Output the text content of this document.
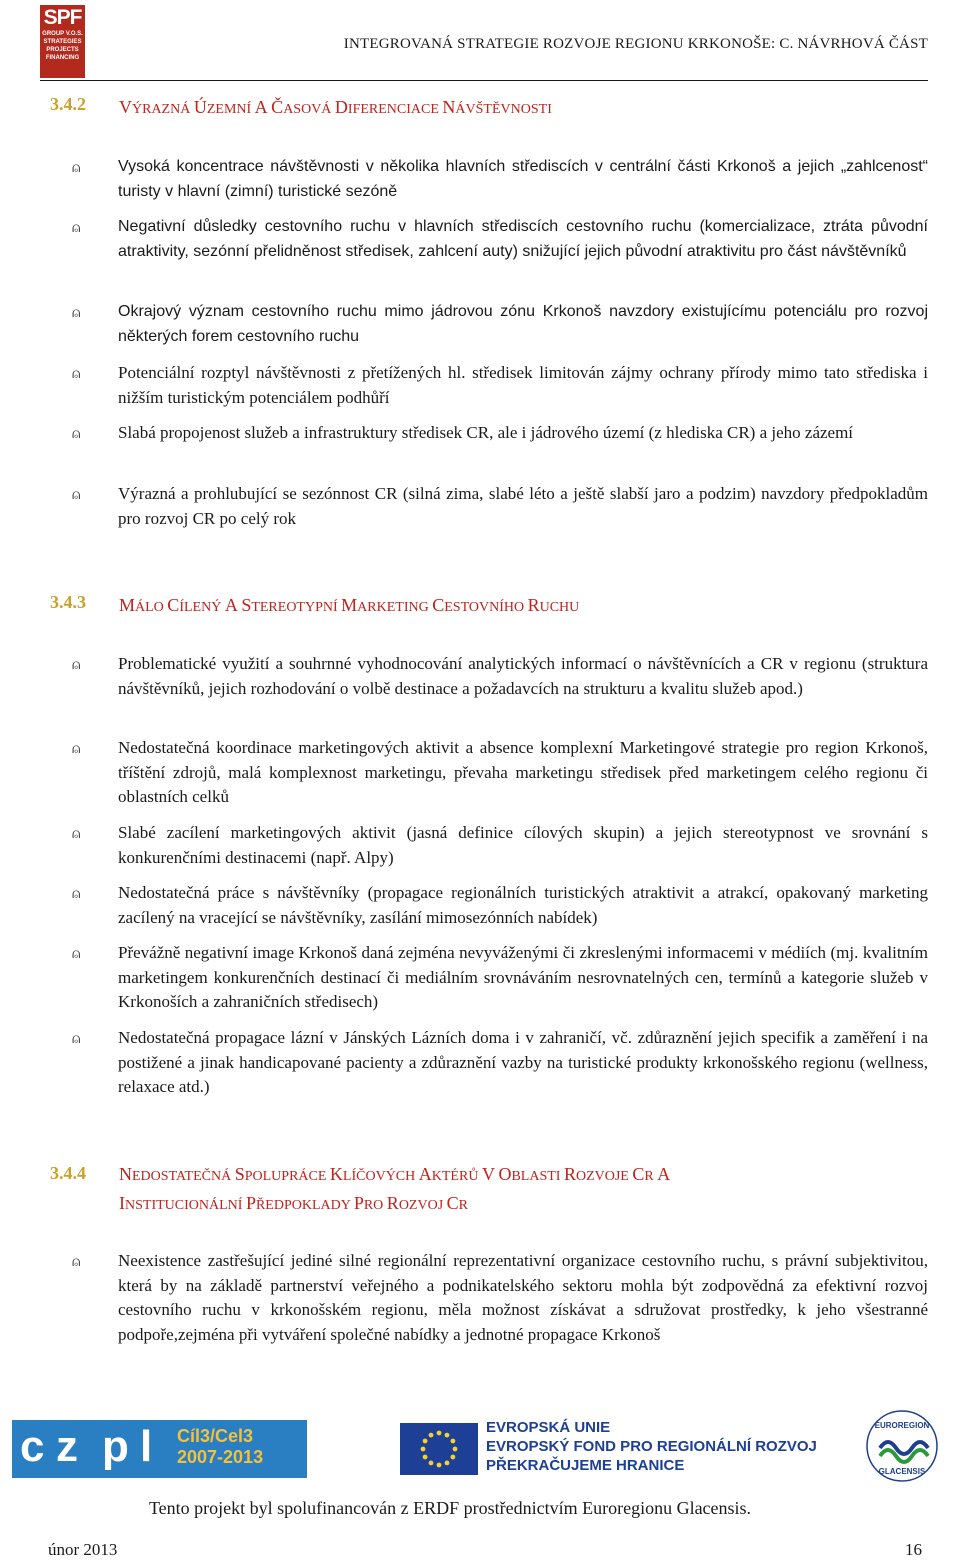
SPF
GROUP V.O.S.
STRATEGIES
PROJECTS
FINANCING
INTEGROVANÁ STRATEGIE ROZVOJE REGIONU KRKONOŠE: C. NÁVRHOVÁ ČÁST
3.4.2 VÝRAZNÁ ÚZEMNÍ A ČASOVÁ DIFERENCIACE NÁVŠTĚVNOSTI
⍝ Vysoká koncentrace návštěvnosti v několika hlavních střediscích v centrální části Krkonoš a jejich „zahlcenost“ turisty v hlavní (zimní) turistické sezóně

⍝ Negativní důsledky cestovního ruchu v hlavních střediscích cestovního ruchu (komercializace, ztráta původní atraktivity, sezónní přelidněnost středisek, zahlcení auty) snižující jejich původní atraktivitu pro část návštěvníků

⍝ Okrajový význam cestovního ruchu mimo jádrovou zónu Krkonoš navzdory existujícímu potenciálu pro rozvoj některých forem cestovního ruchu

⍝ Potenciální rozptyl návštěvnosti z přetížených hl. středisek limitován zájmy ochrany přírody mimo tato střediska i nižším turistickým potenciálem podhůří

⍝ Slabá propojenost služeb a infrastruktury středisek CR, ale i jádrového území (z hlediska CR) a jeho zázemí

⍝ Výrazná a prohlubující se sezónnost CR (silná zima, slabé léto a ještě slabší jaro a podzim) navzdory předpokladům pro rozvoj CR po celý rok

3.4.3 MÁLO CÍLENÝ A STEREOTYPNÍ MARKETING CESTOVNÍHO RUCHU
⍝ Problematické využití a souhrnné vyhodnocování analytických informací o návštěvnících a CR v regionu (struktura návštěvníků, jejich rozhodování o volbě destinace a požadavcích na strukturu a kvalitu služeb apod.)

⍝ Nedostatečná koordinace marketingových aktivit a absence komplexní Marketingové strategie pro region Krkonoš, tříštění zdrojů, malá komplexnost marketingu, převaha marketingu středisek před marketingem celého regionu či oblastních celků

⍝ Slabé zacílení marketingových aktivit (jasná definice cílových skupin) a jejich stereotypnost ve srovnání s konkurenčními destinacemi (např. Alpy)

⍝ Nedostatečná práce s návštěvníky (propagace regionálních turistických atraktivit a atrakcí, opakovaný marketing zacílený na vracející se návštěvníky, zasílání mimosezónních nabídek)

⍝ Převážně negativní image Krkonoš daná zejména nevyváženými či zkreslenými informacemi v médiích (mj. kvalitním marketingem konkurenčních destinací či mediálním srovnáváním nesrovnatelných cen, termínů a kategorie služeb v Krkonoších a zahraničních středisech)

⍝ Nedostatečná propagace lázní v Jánských Lázních doma i v zahraničí, vč. zdůraznění jejich specifik a zaměření i na postižené a jinak handicapované pacienty a zdůraznění vazby na turistické produkty krkonošského regionu (wellness, relaxace atd.)

3.4.4 NEDOSTATEČNÁ SPOLUPRÁCE KLÍČOVÝCH AKTÉRŮ V OBLASTI ROZVOJE CR A
INSTITUCIONÁLNÍ PŘEDPOKLADY PRO ROZVOJ CR
⍝ Neexistence zastřešující jediné silné regionální reprezentativní organizace cestovního ruchu, s právní subjektivitou, která by na základě partnerství veřejného a podnikatelského sektoru mohla být zodpovědná za efektivní rozvoj cestovního ruchu v krkonošském regionu, měla možnost získávat a sdružovat prostředky, k jeho všestranné podpoře,zejména při vytváření společné nabídky a jednotné propagace Krkonoš

c z p l Cíl3/Cel3
2007-2013
EVROPSKÁ UNIE
EVROPSKÝ FOND PRO REGIONÁLNÍ ROZVOJ
PŘEKRAČUJEME HRANICE
EUROREGION
GLACENSIS
Tento projekt byl spolufinancován z ERDF prostřednictvím Euroregionu Glacensis.
únor 2013	16
